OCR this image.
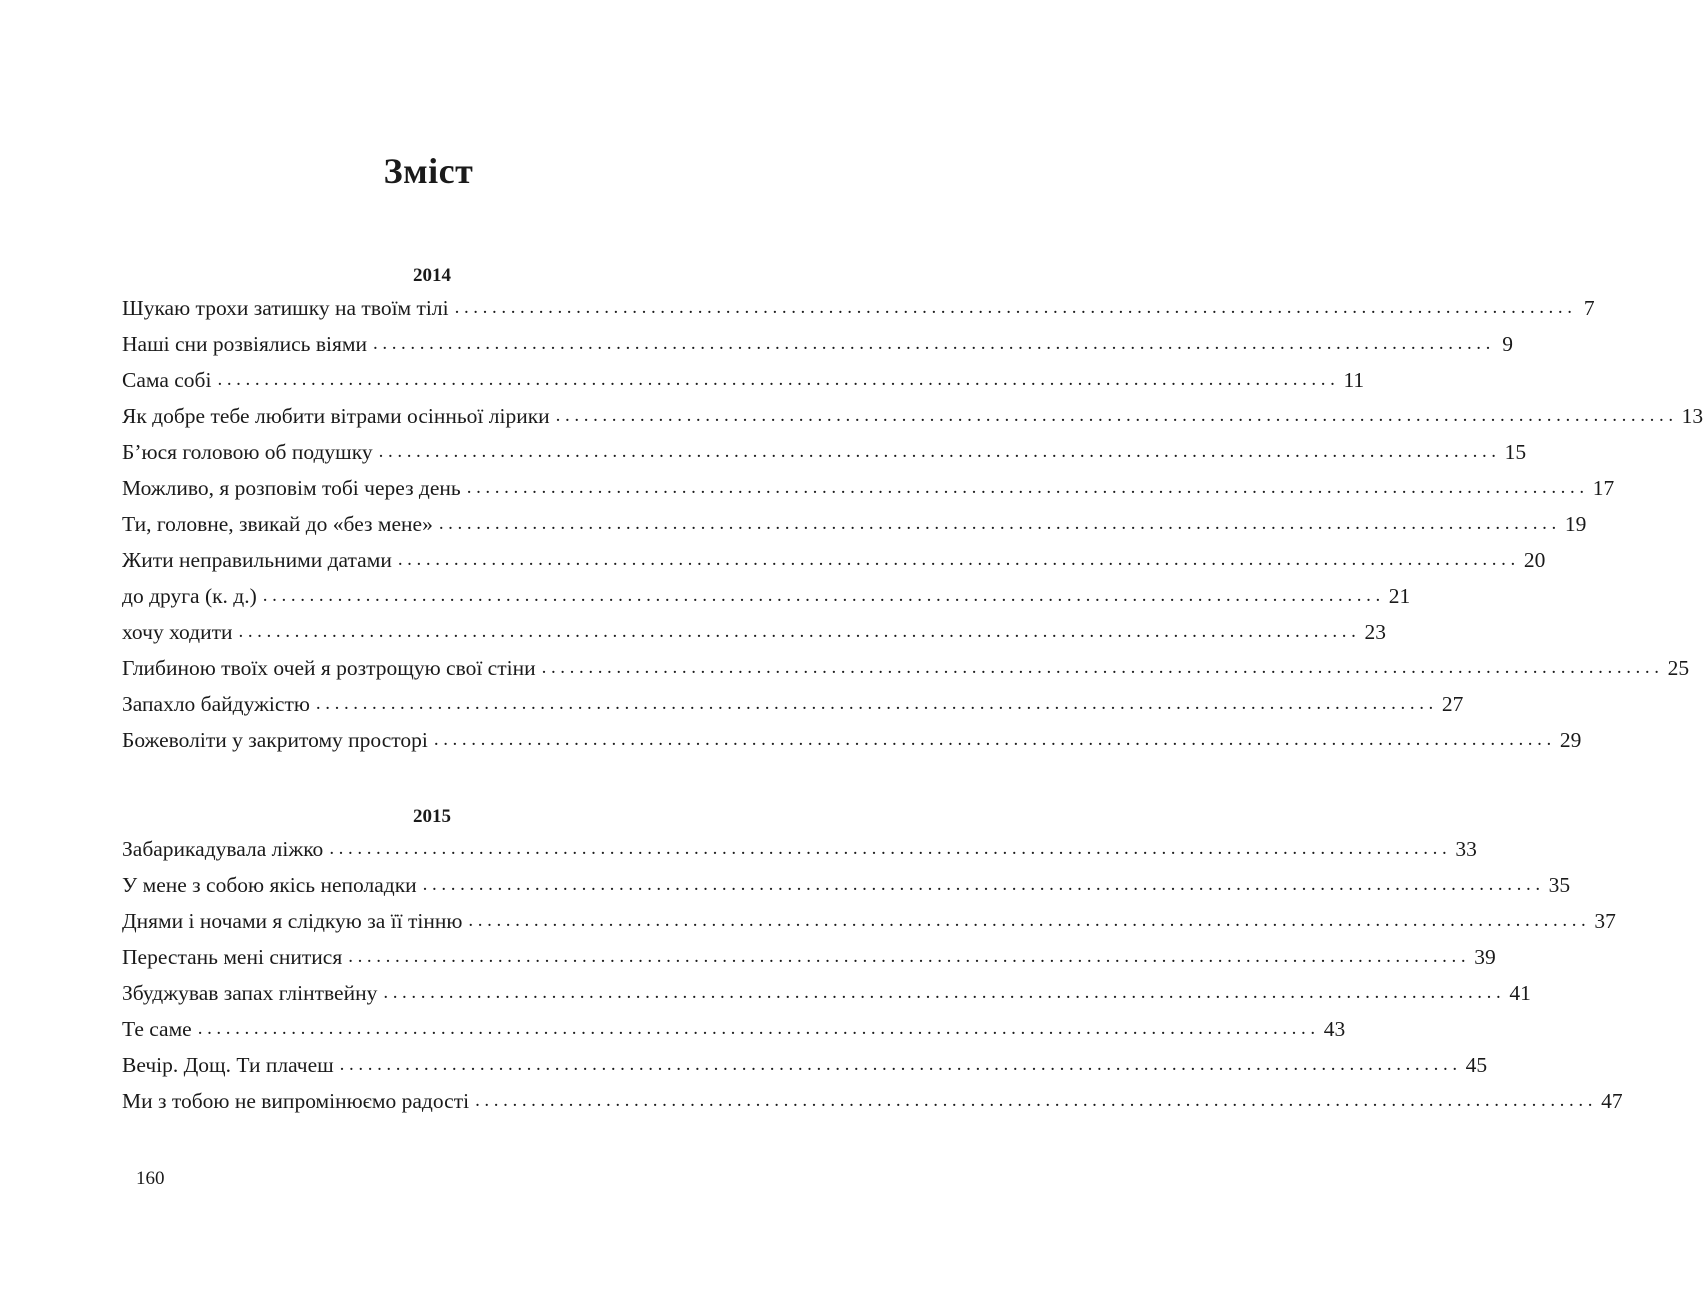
Зміст
2014
Шукаю трохи затишку на твоїм тілі ........................................................................................................................ 7
Наші сни розвіялись віями ........................................................................................................................ 9
Сама собі ........................................................................................................................ 11
Як добре тебе любити вітрами осінньої лірики ........................................................................................................................ 13
Б’юся головою об подушку ........................................................................................................................ 15
Можливо, я розповім тобі через день ........................................................................................................................ 17
Ти, головне, звикай до «без мене» ........................................................................................................................ 19
Жити неправильними датами ........................................................................................................................ 20
до друга (к. д.) ........................................................................................................................ 21
хочу ходити ........................................................................................................................ 23
Глибиною твоїх очей я розтрощую свої стіни ........................................................................................................................ 25
Запахло байдужістю ........................................................................................................................ 27
Божеволіти у закритому просторі ........................................................................................................................ 29
2015
Забарикадувала ліжко ........................................................................................................................ 33
У мене з собою якісь неполадки ........................................................................................................................ 35
Днями і ночами я слідкую за її тінню ........................................................................................................................ 37
Перестань мені снитися ........................................................................................................................ 39
Збуджував запах глінтвейну ........................................................................................................................ 41
Те саме ........................................................................................................................ 43
Вечір. Дощ. Ти плачеш ........................................................................................................................ 45
Ми з тобою не випромінюємо радості ........................................................................................................................ 47
160
